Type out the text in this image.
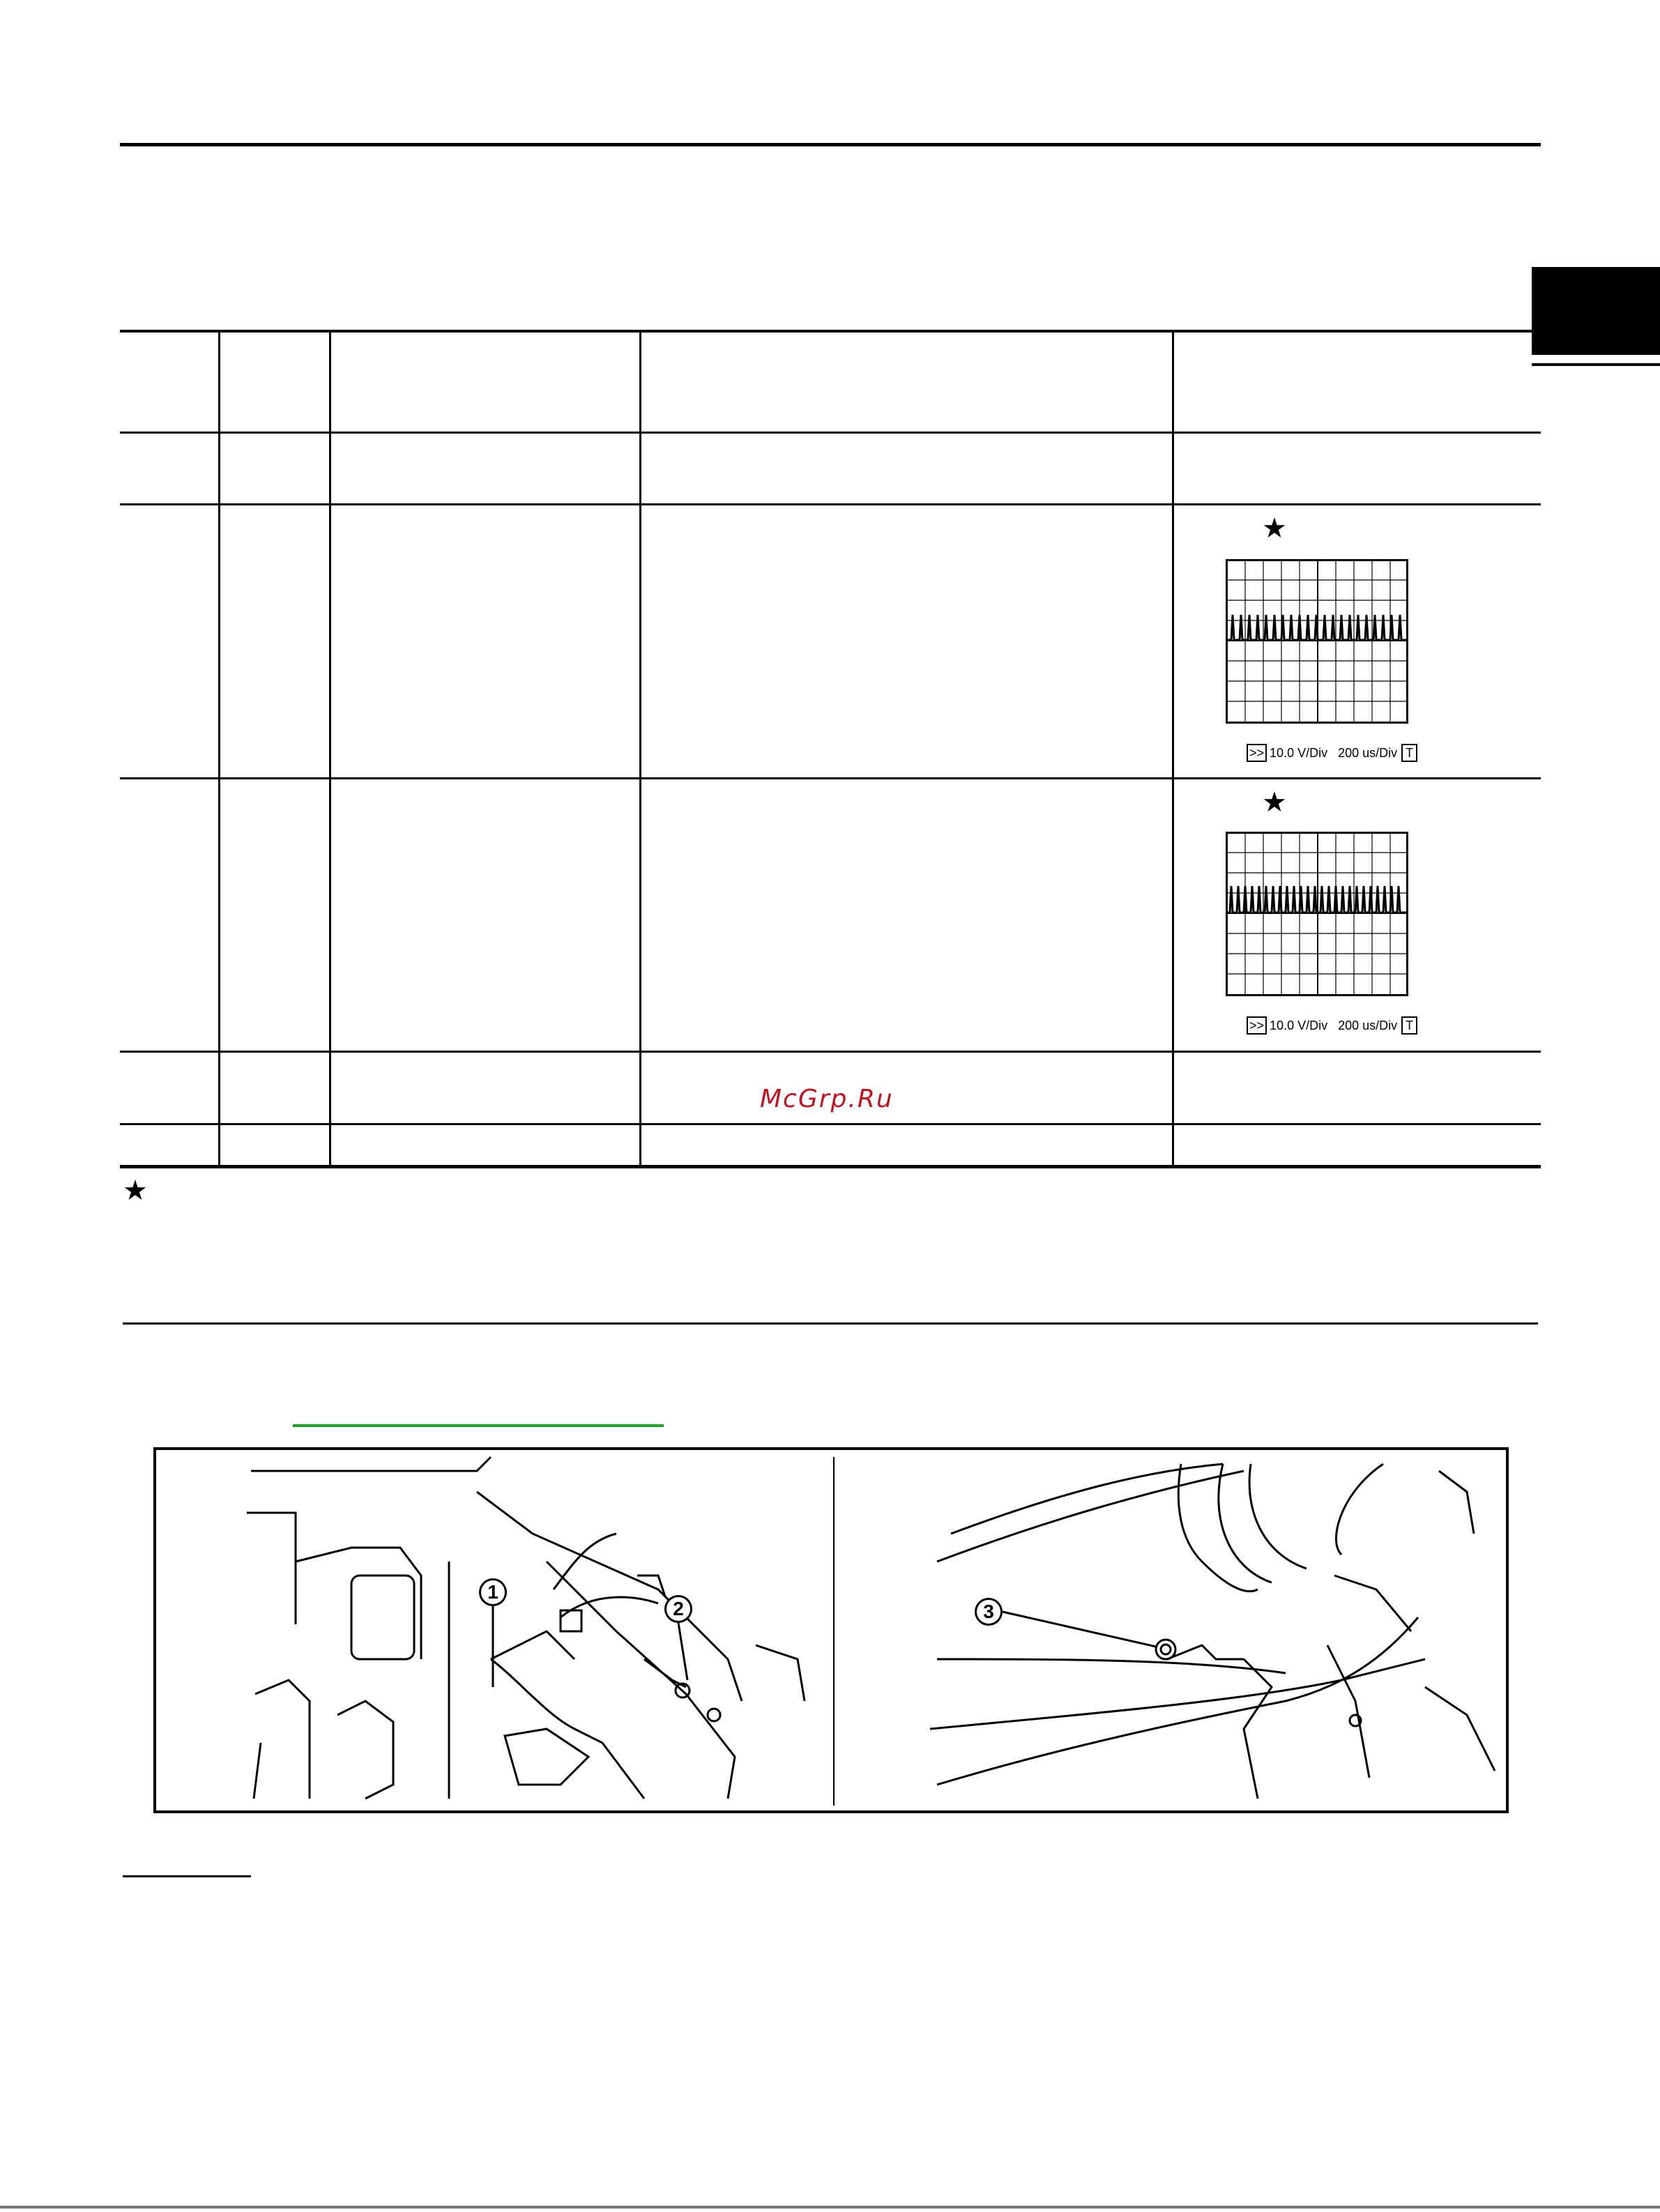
★

>> 10.0 V/Div   200 us/Div T

★

>> 10.0 V/Div   200 us/Div T

★
McGrp.Ru
1
2	3
